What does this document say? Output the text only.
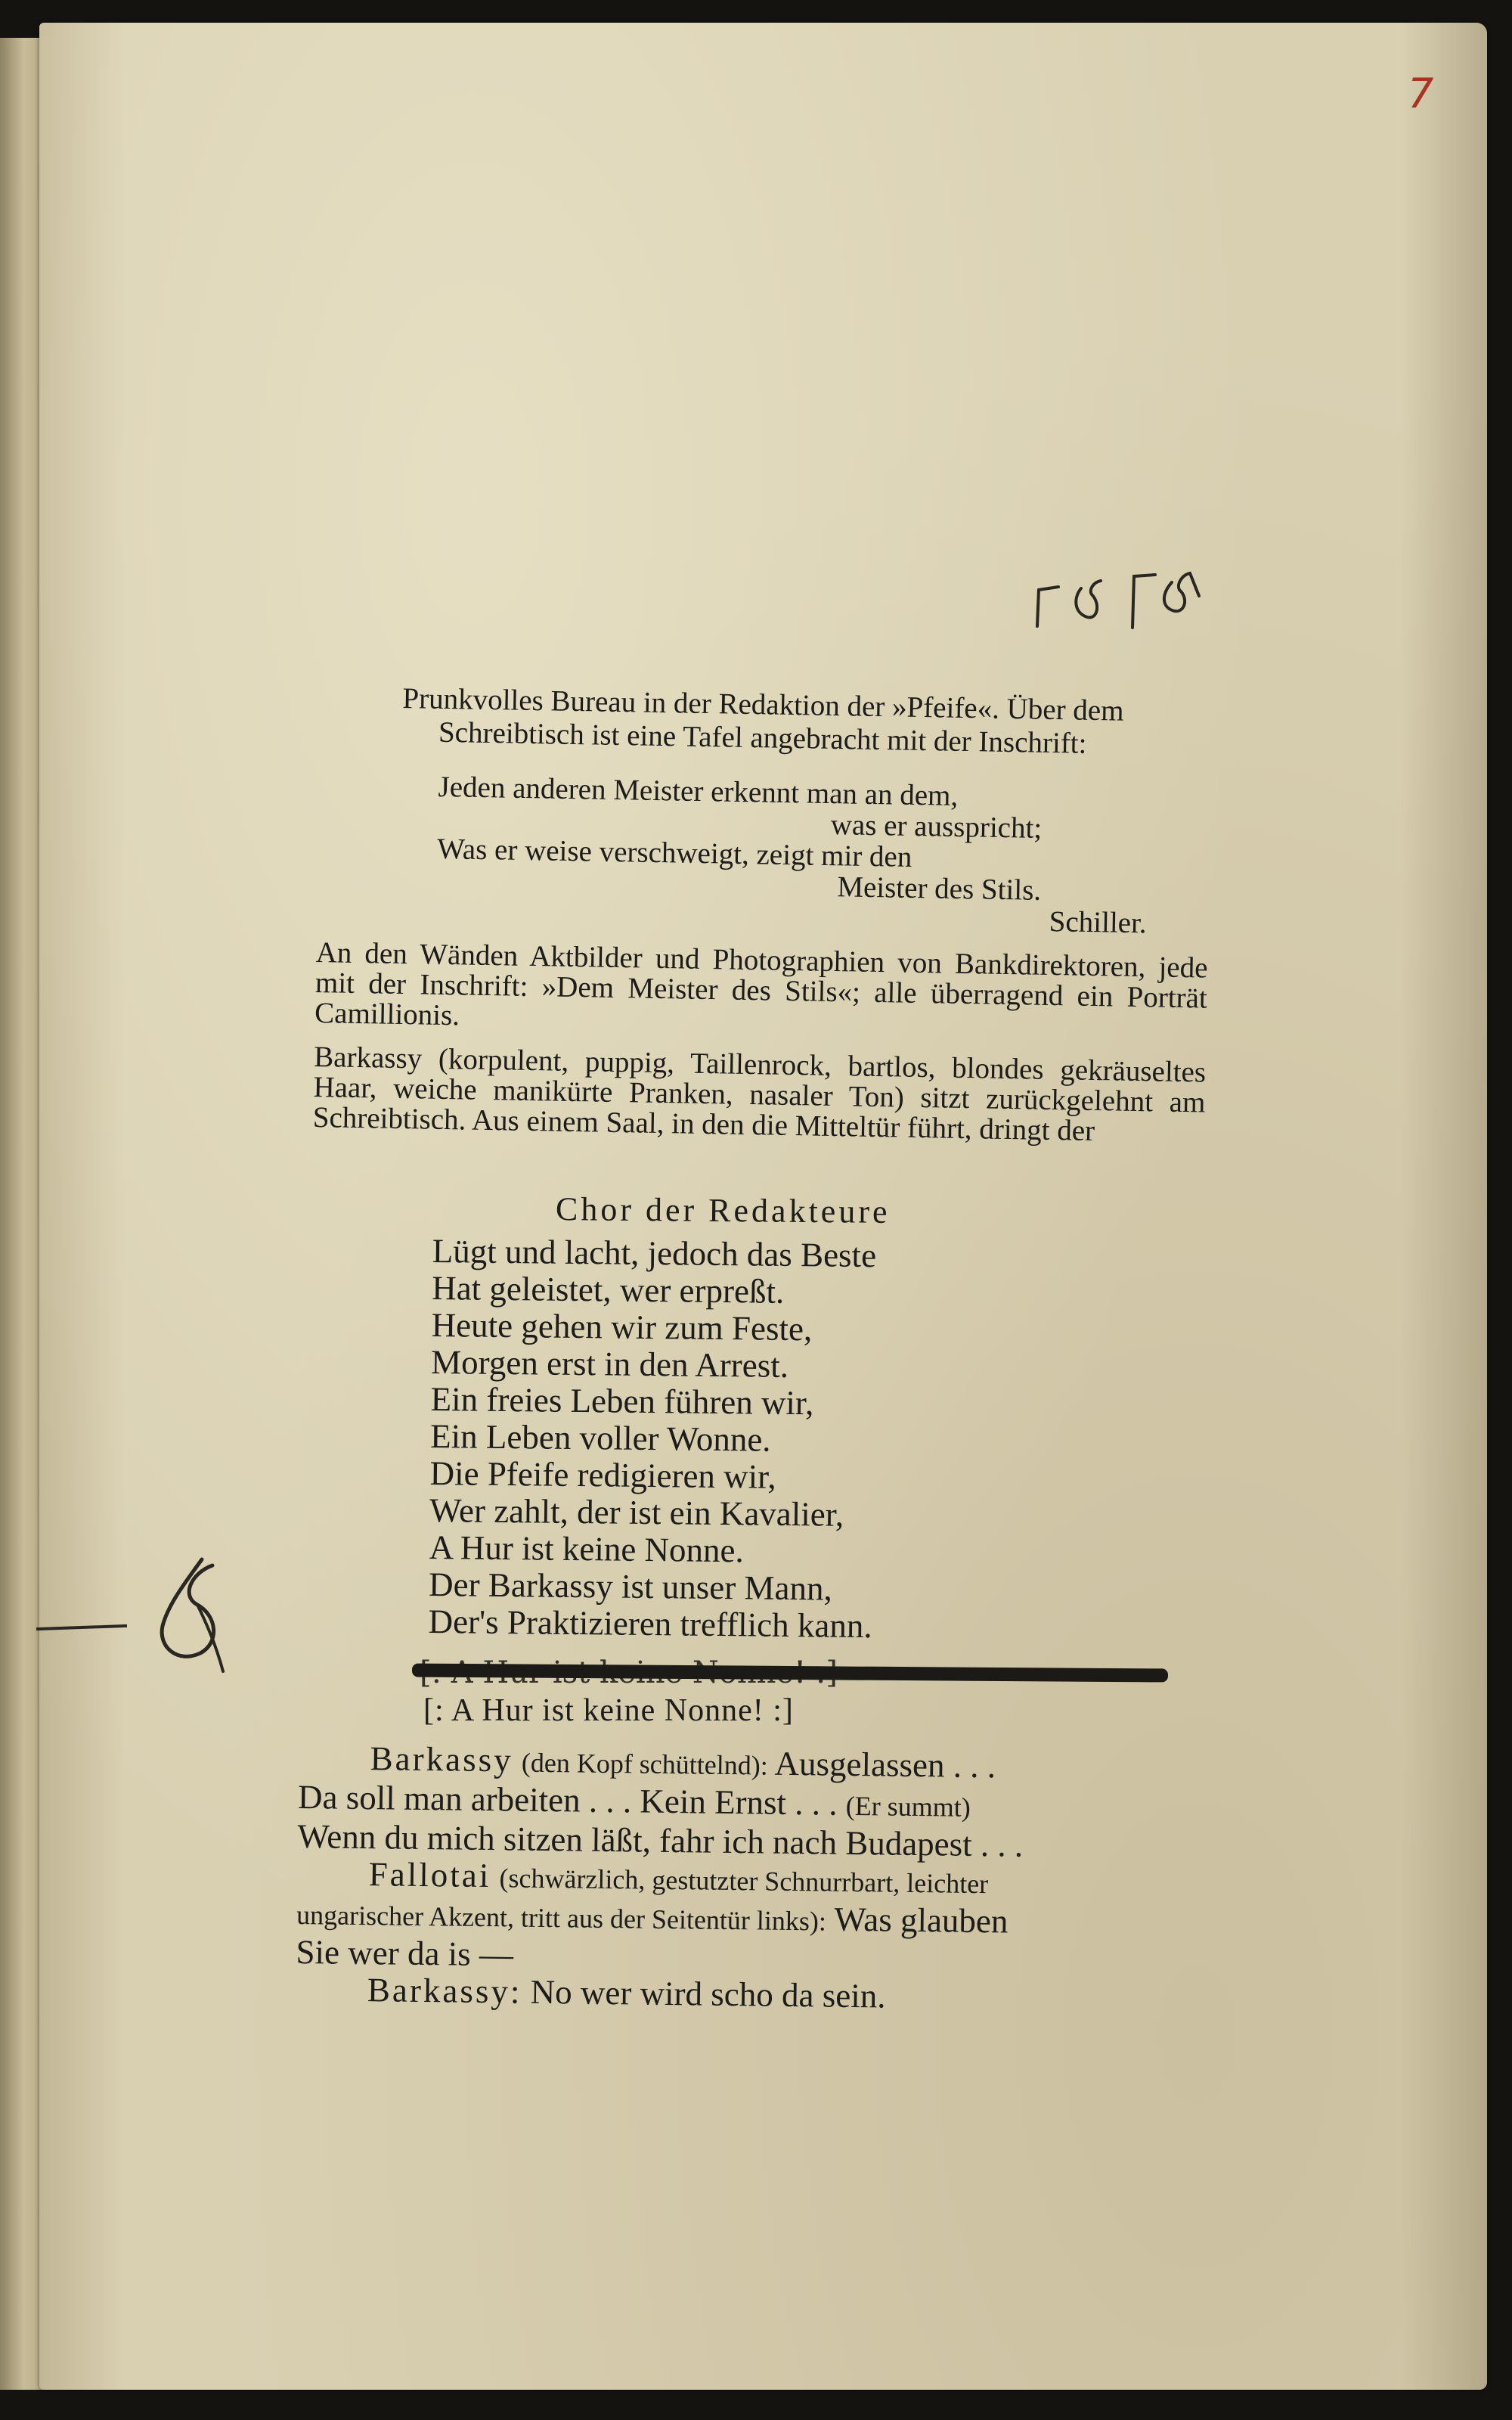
7

Prunkvolles Bureau in der Redaktion der »Pfeife«. Über dem

Schreibtisch ist eine Tafel angebracht mit der Inschrift:

Jeden anderen Meister erkennt man an dem,
was er ausspricht;
Was er weise verschweigt, zeigt mir den
Meister des Stils.
Schiller.

An den Wänden Aktbilder und Photographien von Bankdirektoren, jede mit der Inschrift: »Dem Meister des Stils«; alle überragend ein Porträt Camillionis.

Barkassy (korpulent, puppig, Taillenrock, bartlos, blondes gekräuseltes Haar, weiche manikürte Pranken, nasaler Ton) sitzt zurückgelehnt am Schreibtisch. Aus einem Saal, in den die Mitteltür führt, dringt der

Chor der Redakteure
Lügt und lacht, jedoch das Beste
Hat geleistet, wer erpreßt.
Heute gehen wir zum Feste,
Morgen erst in den Arrest.
Ein freies Leben führen wir,
Ein Leben voller Wonne.
Die Pfeife redigieren wir,
Wer zahlt, der ist ein Kavalier,
A Hur ist keine Nonne.
Der Barkassy ist unser Mann,
Der's Praktizieren trefflich kann.
[: A Hur ist keine Nonne! :]
Barkassy (den Kopf schüttelnd): Ausgelassen . . .
Da soll man arbeiten . . . Kein Ernst . . . (Er summt)
Wenn du mich sitzen läßt, fahr ich nach Budapest . . .
Fallotai (schwärzlich, gestutzter Schnurrbart, leichter
ungarischer Akzent, tritt aus der Seitentür links): Was glauben
Sie wer da is —
Barkassy: No wer wird scho da sein.
